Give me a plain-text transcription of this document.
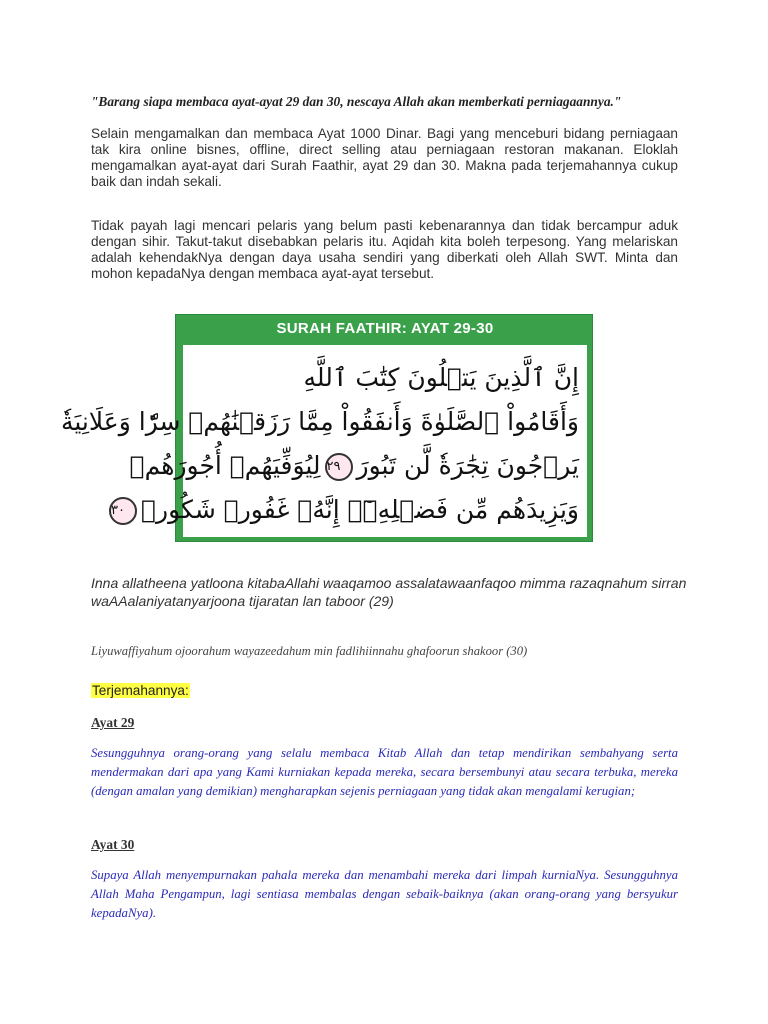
"Barang siapa membaca ayat-ayat 29 dan 30, nescaya Allah akan memberkati perniagaannya."
Selain mengamalkan dan membaca Ayat 1000 Dinar. Bagi yang menceburi bidang perniagaan tak kira online bisnes, offline, direct selling atau perniagaan restoran makanan. Eloklah mengamalkan ayat-ayat dari Surah Faathir, ayat 29 dan 30. Makna pada terjemahannya cukup baik dan indah sekali.
Tidak payah lagi mencari pelaris yang belum pasti kebenarannya dan tidak bercampur aduk dengan sihir. Takut-takut disebabkan pelaris itu. Aqidah kita boleh terpesong. Yang melariskan adalah kehendakNya dengan daya usaha sendiri yang diberkati oleh Allah SWT. Minta dan mohon kepadaNya dengan membaca ayat-ayat tersebut.
SURAH FAATHIR: AYAT 29-30
إِنَّ ٱلَّذِينَ يَتۡلُونَ كِتَٰبَ ٱللَّهِ
وَأَقَامُواْ ٱلصَّلَوٰةَ وَأَنفَقُواْ مِمَّا رَزَقۡنَٰهُمۡ سِرّٗا وَعَلَانِيَةٗ
يَرۡجُونَ تِجَٰرَةٗ لَّن تَبُورَ٢٩لِيُوَفِّيَهُمۡ أُجُورَهُمۡ
وَيَزِيدَهُم مِّن فَضۡلِهِۦٓۚ إِنَّهُۥ غَفُورٞ شَكُورٞ٣٠
Inna allatheena yatloona kitabaAllahi waaqamoo assalatawaanfaqoo mimma razaqnahum sirran waAAalaniyatanyarjoona tijaratan lan taboor (29)
Liyuwaffiyahum ojoorahum wayazeedahum min fadlihiinnahu ghafoorun shakoor (30)
Terjemahannya:
Ayat 29
Sesungguhnya orang-orang yang selalu membaca Kitab Allah dan tetap mendirikan sembahyang serta mendermakan dari apa yang Kami kurniakan kepada mereka, secara bersembunyi atau secara terbuka, mereka (dengan amalan yang demikian) mengharapkan sejenis perniagaan yang tidak akan mengalami kerugian;
Ayat 30
Supaya Allah menyempurnakan pahala mereka dan menambahi mereka dari limpah kurniaNya. Sesungguhnya Allah Maha Pengampun, lagi sentiasa membalas dengan sebaik-baiknya (akan orang-orang yang bersyukur kepadaNya).
